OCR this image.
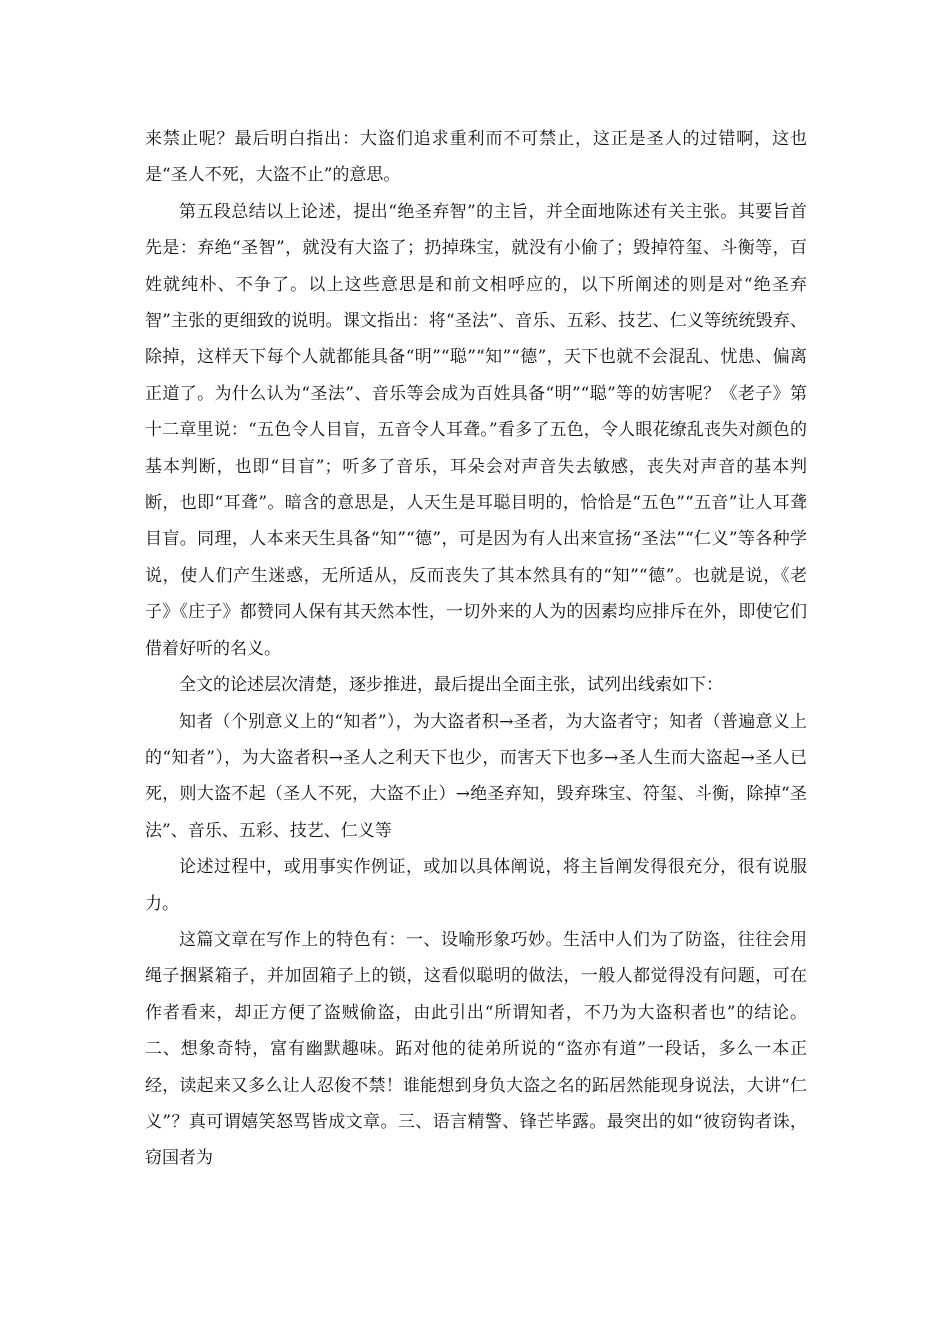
来禁止呢？最后明白指出：大盗们追求重利而不可禁止，这正是圣人的过错啊，这也是“圣人不死，大盗不止”的意思。

第五段总结以上论述，提出“绝圣弃智”的主旨，并全面地陈述有关主张。其要旨首先是：弃绝“圣智”，就没有大盗了；扔掉珠宝，就没有小偷了；毁掉符玺、斗衡等，百姓就纯朴、不争了。以上这些意思是和前文相呼应的，以下所阐述的则是对“绝圣弃智”主张的更细致的说明。课文指出：将“圣法”、音乐、五彩、技艺、仁义等统统毁弃、除掉，这样天下每个人就都能具备“明”“聪”“知”“德”，天下也就不会混乱、忧患、偏离正道了。为什么认为“圣法”、音乐等会成为百姓具备“明”“聪”等的妨害呢？《老子》第十二章里说：“五色令人目盲，五音令人耳聋。”看多了五色，令人眼花缭乱丧失对颜色的基本判断，也即“目盲”；听多了音乐，耳朵会对声音失去敏感，丧失对声音的基本判断，也即“耳聋”。暗含的意思是，人天生是耳聪目明的，恰恰是“五色”“五音”让人耳聋目盲。同理，人本来天生具备“知”“德”，可是因为有人出来宣扬“圣法”“仁义”等各种学说，使人们产生迷惑，无所适从，反而丧失了其本然具有的“知”“德”。也就是说，《老子》《庄子》都赞同人保有其天然本性，一切外来的人为的因素均应排斥在外，即使它们借着好听的名义。

全文的论述层次清楚，逐步推进，最后提出全面主张，试列出线索如下：

知者（个别意义上的“知者”），为大盗者积→圣者，为大盗者守；知者（普遍意义上的“知者”），为大盗者积→圣人之利天下也少，而害天下也多→圣人生而大盗起→圣人已死，则大盗不起（圣人不死，大盗不止）→绝圣弃知，毁弃珠宝、符玺、斗衡，除掉“圣法”、音乐、五彩、技艺、仁义等

论述过程中，或用事实作例证，或加以具体阐说，将主旨阐发得很充分，很有说服力。

这篇文章在写作上的特色有：一、设喻形象巧妙。生活中人们为了防盗，往往会用绳子捆紧箱子，并加固箱子上的锁，这看似聪明的做法，一般人都觉得没有问题，可在作者看来，却正方便了盗贼偷盗，由此引出“所谓知者，不乃为大盗积者也”的结论。二、想象奇特，富有幽默趣味。跖对他的徒弟所说的“盗亦有道”一段话，多么一本正经，读起来又多么让人忍俊不禁！谁能想到身负大盗之名的跖居然能现身说法，大讲“仁义”？真可谓嬉笑怒骂皆成文章。三、语言精警、锋芒毕露。最突出的如“彼窃钩者诛，窃国者为
